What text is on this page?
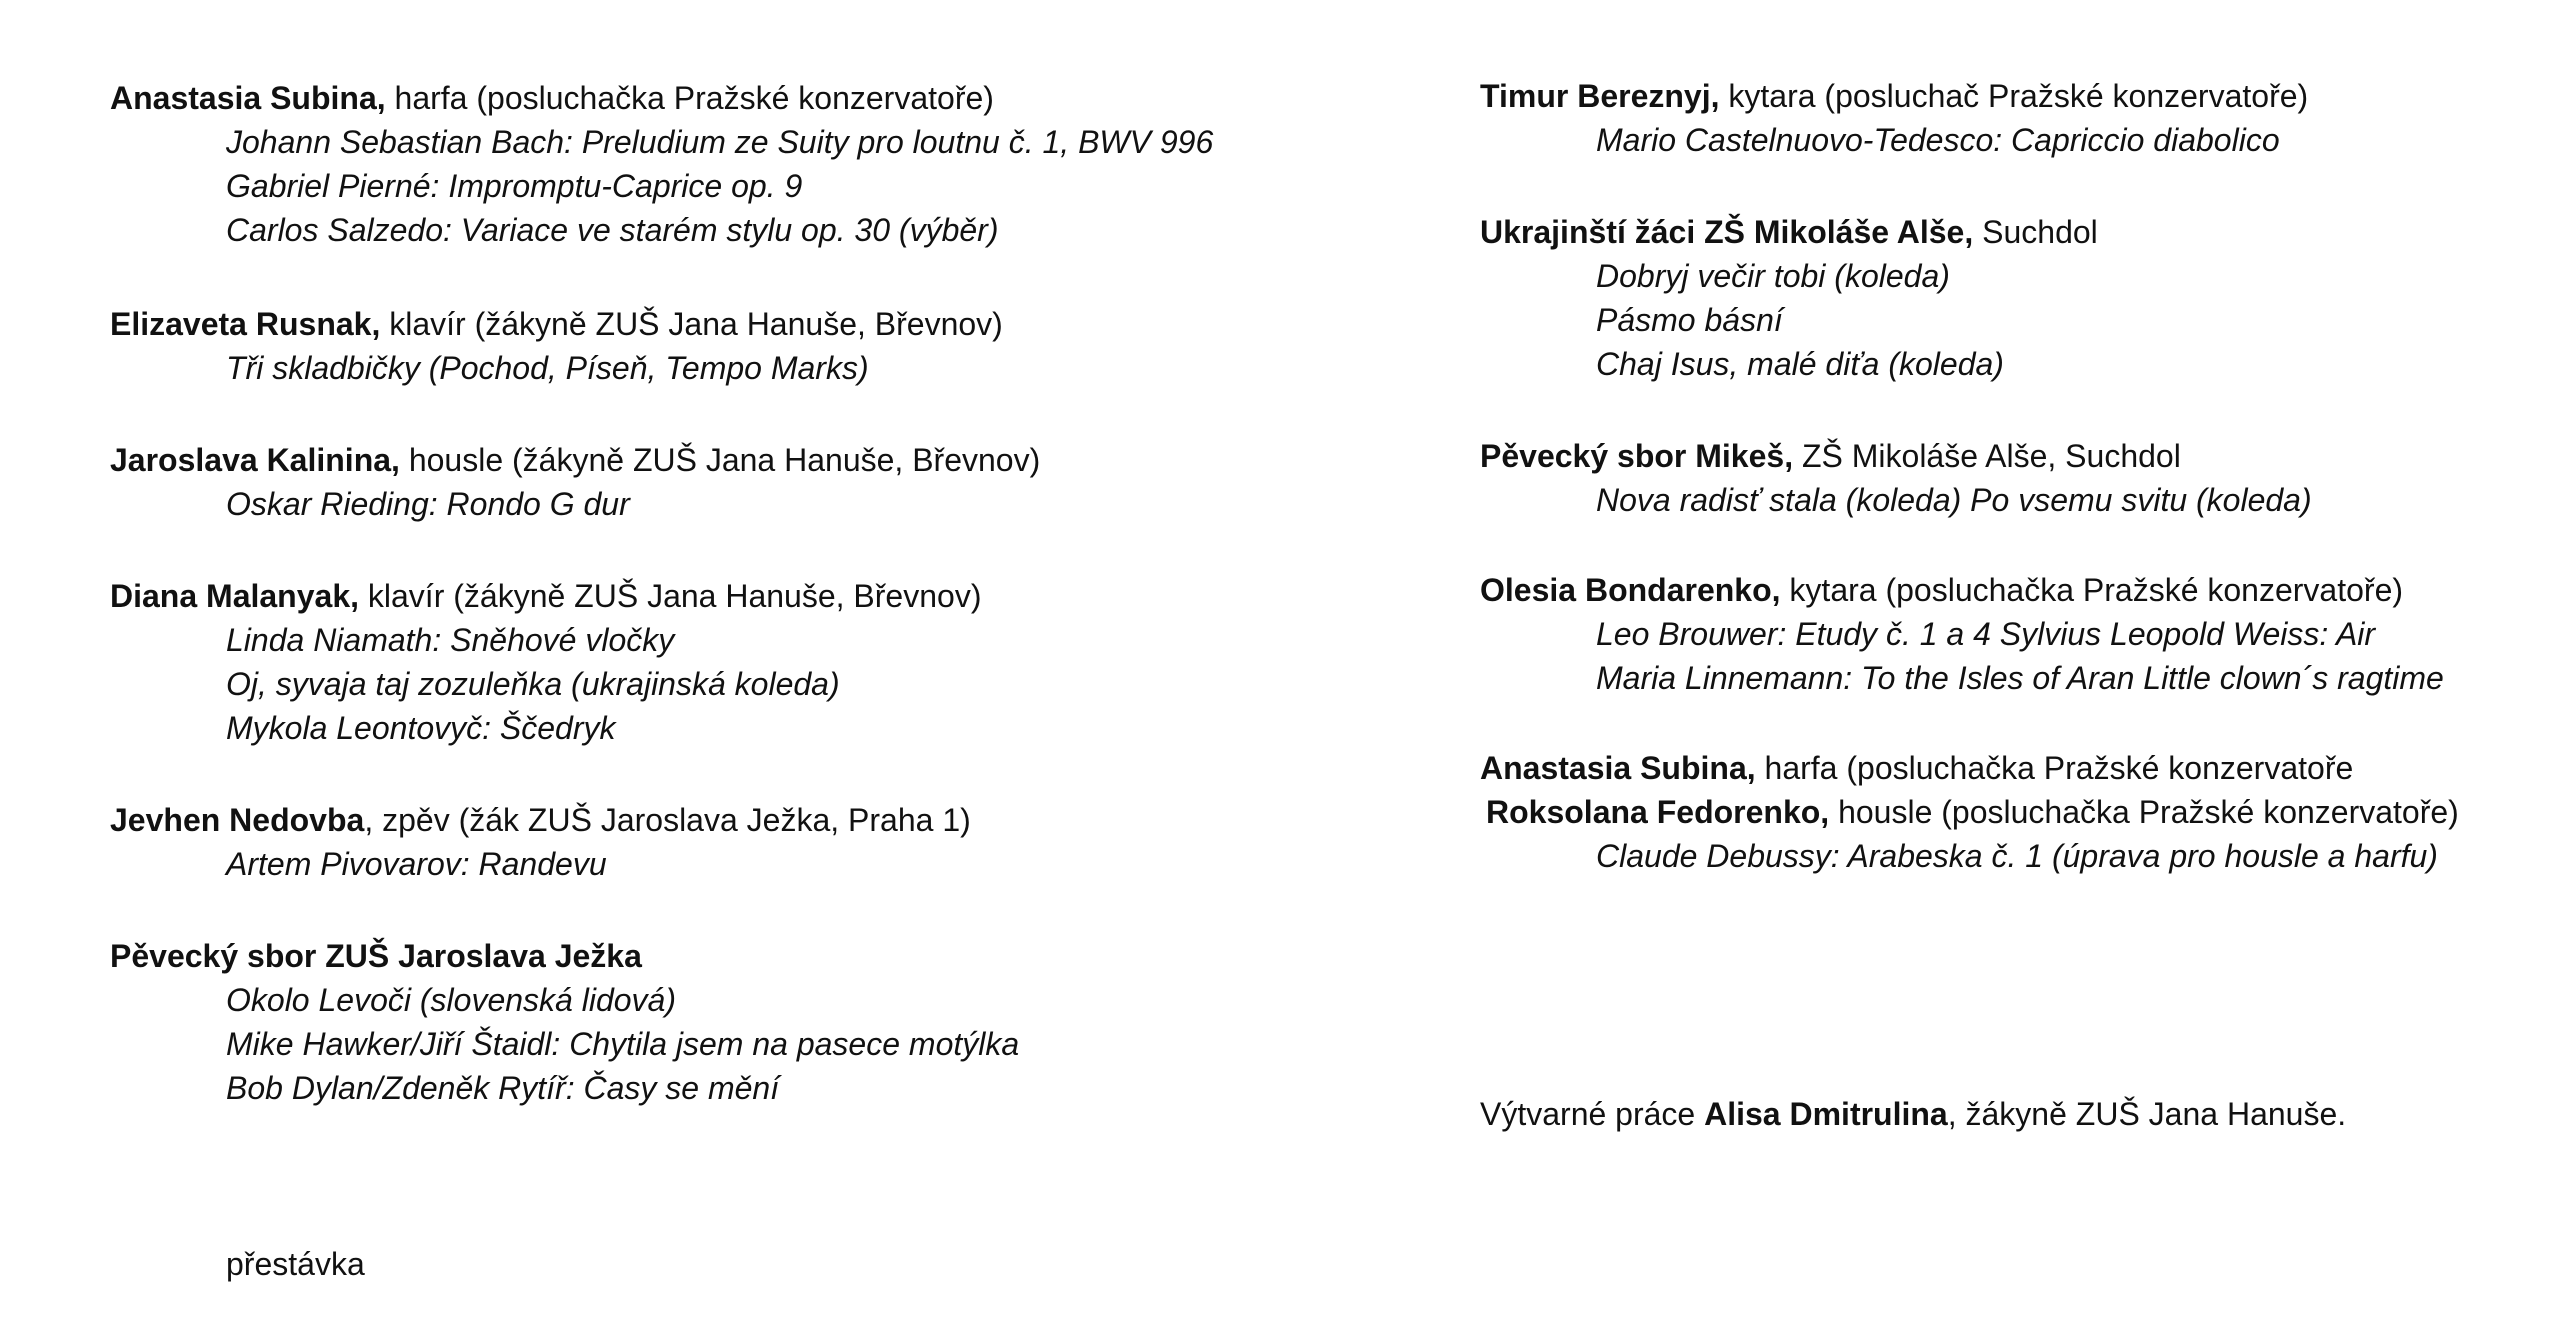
Anastasia Subina, harfa (posluchačka Pražské konzervatoře)
Johann Sebastian Bach: Preludium ze Suity pro loutnu č. 1, BWV 996
Gabriel Pierné: Impromptu-Caprice op. 9
Carlos Salzedo: Variace ve starém stylu op. 30 (výběr)
Elizaveta Rusnak, klavír (žákyně ZUŠ Jana Hanuše, Břevnov)
Tři skladbičky (Pochod, Píseň, Tempo Marks)
Jaroslava Kalinina, housle (žákyně ZUŠ Jana Hanuše, Břevnov)
Oskar Rieding: Rondo G dur
Diana Malanyak, klavír (žákyně ZUŠ Jana Hanuše, Břevnov)
Linda Niamath: Sněhové vločky
Oj, syvaja taj zozuleňka (ukrajinská koleda)
Mykola Leontovyč: Ščedryk
Jevhen Nedovba, zpěv (žák ZUŠ Jaroslava Ježka, Praha 1)
Artem Pivovarov: Randevu
Pěvecký sbor ZUŠ Jaroslava Ježka
Okolo Levoči (slovenská lidová)
Mike Hawker/Jiří Štaidl: Chytila jsem na pasece motýlka
Bob Dylan/Zdeněk Rytíř: Časy se mění
přestávka
Timur Bereznyj, kytara (posluchač Pražské konzervatoře)
Mario Castelnuovo-Tedesco: Capriccio diabolico
Ukrajinští žáci ZŠ Mikoláše Alše, Suchdol
Dobryj večir tobi (koleda)
Pásmo básní
Chaj Isus, malé diťa (koleda)
Pěvecký sbor Mikeš, ZŠ Mikoláše Alše, Suchdol
Nova radisť stala (koleda) Po vsemu svitu (koleda)
Olesia Bondarenko, kytara (posluchačka Pražské konzervatoře)
Leo Brouwer: Etudy č. 1 a 4 Sylvius Leopold Weiss: Air
Maria Linnemann: To the Isles of Aran Little clown´s ragtime
Anastasia Subina, harfa (posluchačka Pražské konzervatoře
Roksolana Fedorenko, housle (posluchačka Pražské konzervatoře)
Claude Debussy: Arabeska č. 1 (úprava pro housle a harfu)
Výtvarné práce Alisa Dmitrulina, žákyně ZUŠ Jana Hanuše.
